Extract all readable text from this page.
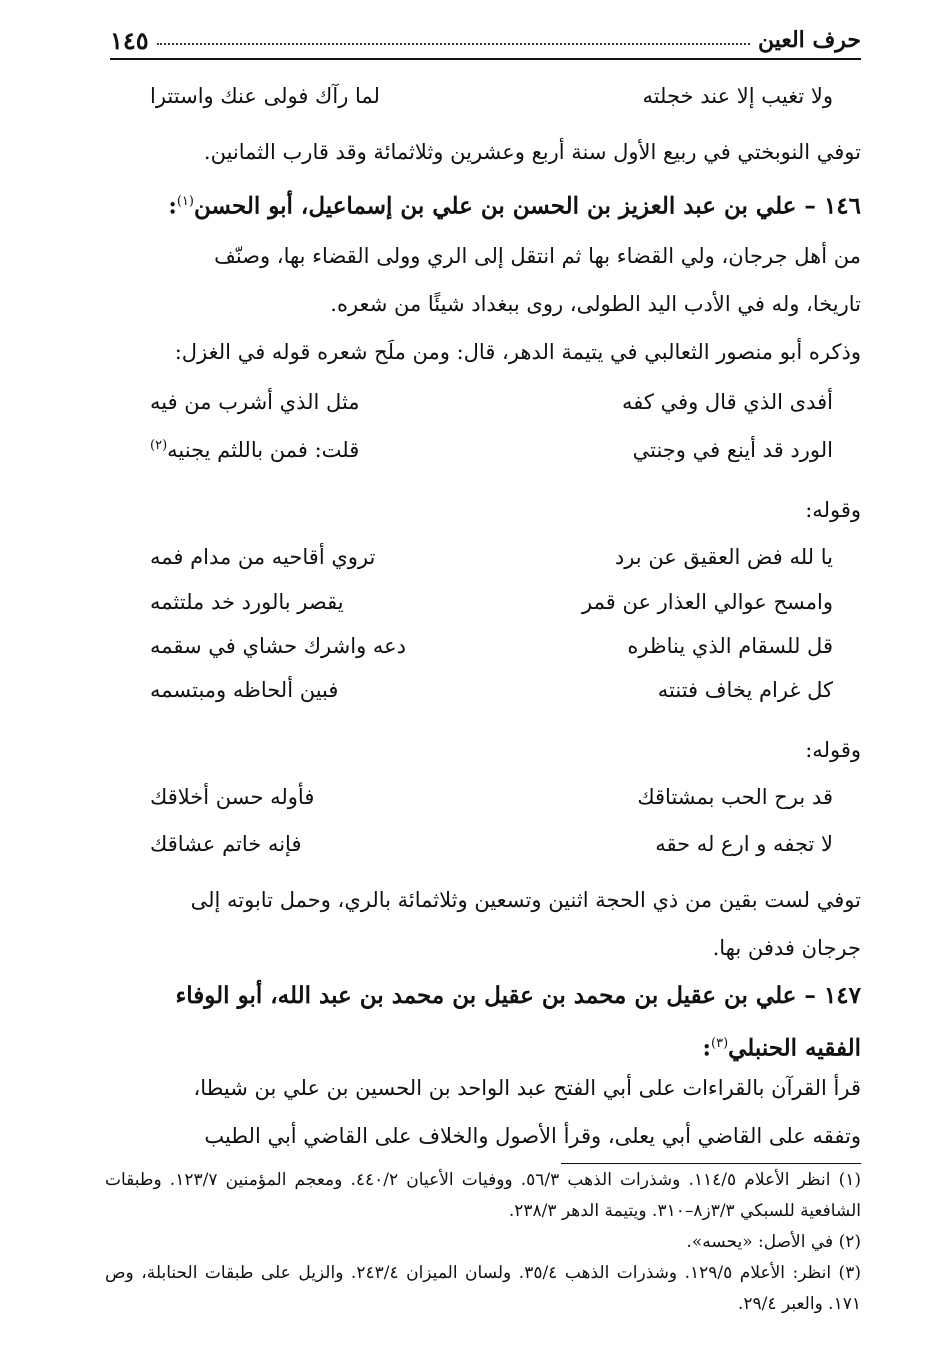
حرف العين
١٤٥
ولا تغيب إلا عند خجلته
لما رآك فولى عنك واستترا
توفي النوبختي في ربيع الأول سنة أربع وعشرين وثلاثمائة وقد قارب الثمانين.
١٤٦ – علي بن عبد العزيز بن الحسن بن علي بن إسماعيل، أبو الحسن$^{(١)}$:
من أهل جرجان، ولي القضاء بها ثم انتقل إلى الري وولى القضاء بها، وصنّف
تاريخا، وله في الأدب اليد الطولى، روى ببغداد شيئًا من شعره.
وذكره أبو منصور الثعالبي في يتيمة الدهر، قال: ومن ملَح شعره قوله في الغزل:
أفدى الذي قال وفي كفه
مثل الذي أشرب من فيه
الورد قد أينع في وجنتي
قلت: فمن باللثم يجنيه$^{(٢)}$
وقوله:
يا لله فض العقيق عن برد
تروي أقاحيه من مدام فمه
وامسح عوالي العذار عن قمر
يقصر بالورد خد ملتثمه
قل للسقام الذي يناظره
دعه واشرك حشاي في سقمه
كل غرام يخاف فتنته
فبين ألحاظه ومبتسمه
وقوله:
قد برح الحب بمشتاقك
فأوله حسن أخلاقك
لا تجفه و ارع له حقه
فإنه خاتم عشاقك
توفي لست بقين من ذي الحجة اثنين وتسعين وثلاثمائة بالري، وحمل تابوته إلى
جرجان فدفن بها.
١٤٧ – علي بن عقيل بن محمد بن عقيل بن محمد بن عبد الله، أبو الوفاء
الفقيه الحنبلي$^{(٣)}$:
قرأ القرآن بالقراءات على أبي الفتح عبد الواحد بن الحسين بن علي بن شيطا،
وتفقه على القاضي أبي يعلى، وقرأ الأصول والخلاف على القاضي أبي الطيب

(١) انظر الأعلام ١١٤/٥. وشذرات الذهب ٥٦/٣. ووفيات الأعيان ٤٤٠/٢. ومعجم المؤمنين ١٢٣/٧. وطبقات الشافعية للسبكي ٣/٣ز٨–٣١٠. ويتيمة الدهر ٢٣٨/٣.

(٢) في الأصل: «يحسه».

(٣) انظر: الأعلام ١٢٩/٥. وشذرات الذهب ٣٥/٤. ولسان الميزان ٢٤٣/٤. والزيل على طبقات الحنابلة، وص ١٧١. والعبر ٢٩/٤.
